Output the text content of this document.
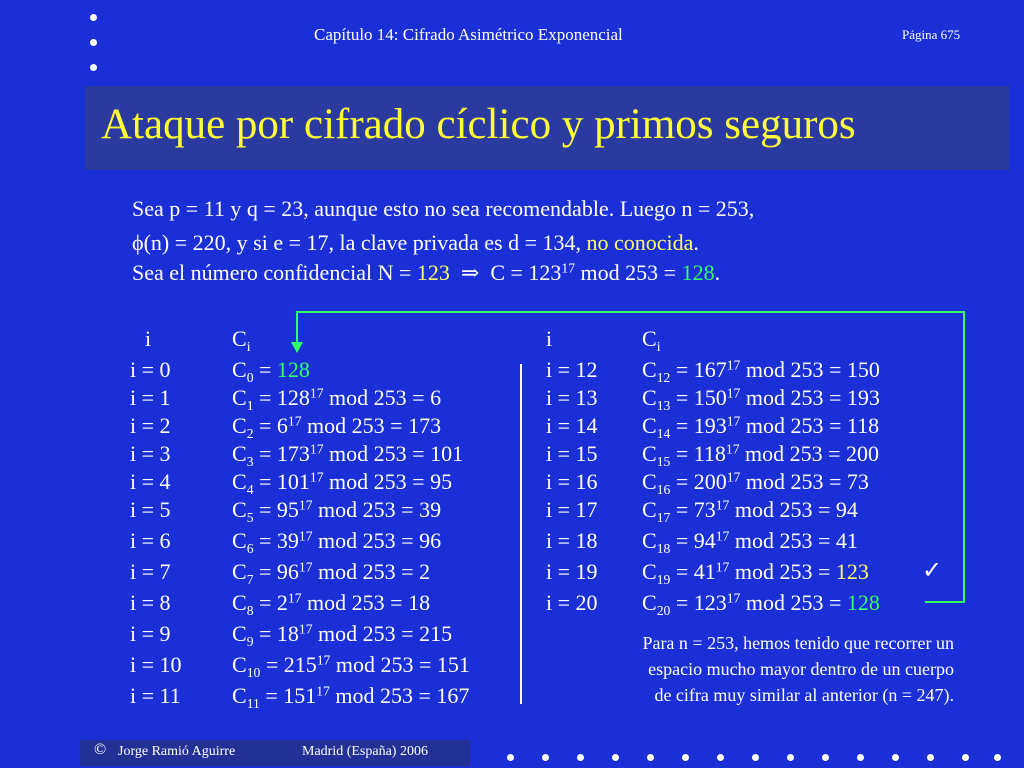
Capítulo 14: Cifrado Asimétrico Exponencial	Página 675
Ataque por cifrado cíclico y primos seguros
Sea p = 11 y q = 23, aunque esto no sea recomendable. Luego n = 253,
ϕ(n) = 220, y si e = 17, la clave privada es d = 134, no conocida.
Sea el número confidencial N = 123 ⇒ $C = 123^{17}$ mod 253 = 128.
i	$C_i$	i	$C_i$
i = 0	$C_0 = 128$
i = 1	$C_1 = 128^{17}$ mod 253 = 6
i = 2	$C_2 = 6^{17}$ mod 253 = 173
i = 3	$C_3 = 173^{17}$ mod 253 = 101
i = 4	$C_4 = 101^{17}$ mod 253 = 95
i = 5	$C_5 = 95^{17}$ mod 253 = 39
i = 6	$C_6 = 39^{17}$ mod 253 = 96
i = 7	$C_7 = 96^{17}$ mod 253 = 2
i = 8	$C_8 = 2^{17}$ mod 253 = 18
i = 9	$C_9 = 18^{17}$ mod 253 = 215
i = 10 $C_{10} = 215^{17}$ mod 253 = 151
i = 11 $C_{11} = 151^{17}$ mod 253 = 167
i = 12 $C_{12} = 167^{17}$ mod 253 = 150
i = 13 $C_{13} = 150^{17}$ mod 253 = 193
i = 14 $C_{14} = 193^{17}$ mod 253 = 118
i = 15 $C_{15} = 118^{17}$ mod 253 = 200
i = 16 $C_{16} = 200^{17}$ mod 253 = 73
i = 17 $C_{17} = 73^{17}$ mod 253 = 94
i = 18 $C_{18} = 94^{17}$ mod 253 = 41
i = 19 $C_{19} = 41^{17}$ mod 253 = 123
i = 20 $C_{20} = 123^{17}$ mod 253 = 128
✓
Para n = 253, hemos tenido que recorrer un
espacio mucho mayor dentro de un cuerpo
de cifra muy similar al anterior (n = 247).
© Jorge Ramió Aguirre	Madrid (España) 2006
